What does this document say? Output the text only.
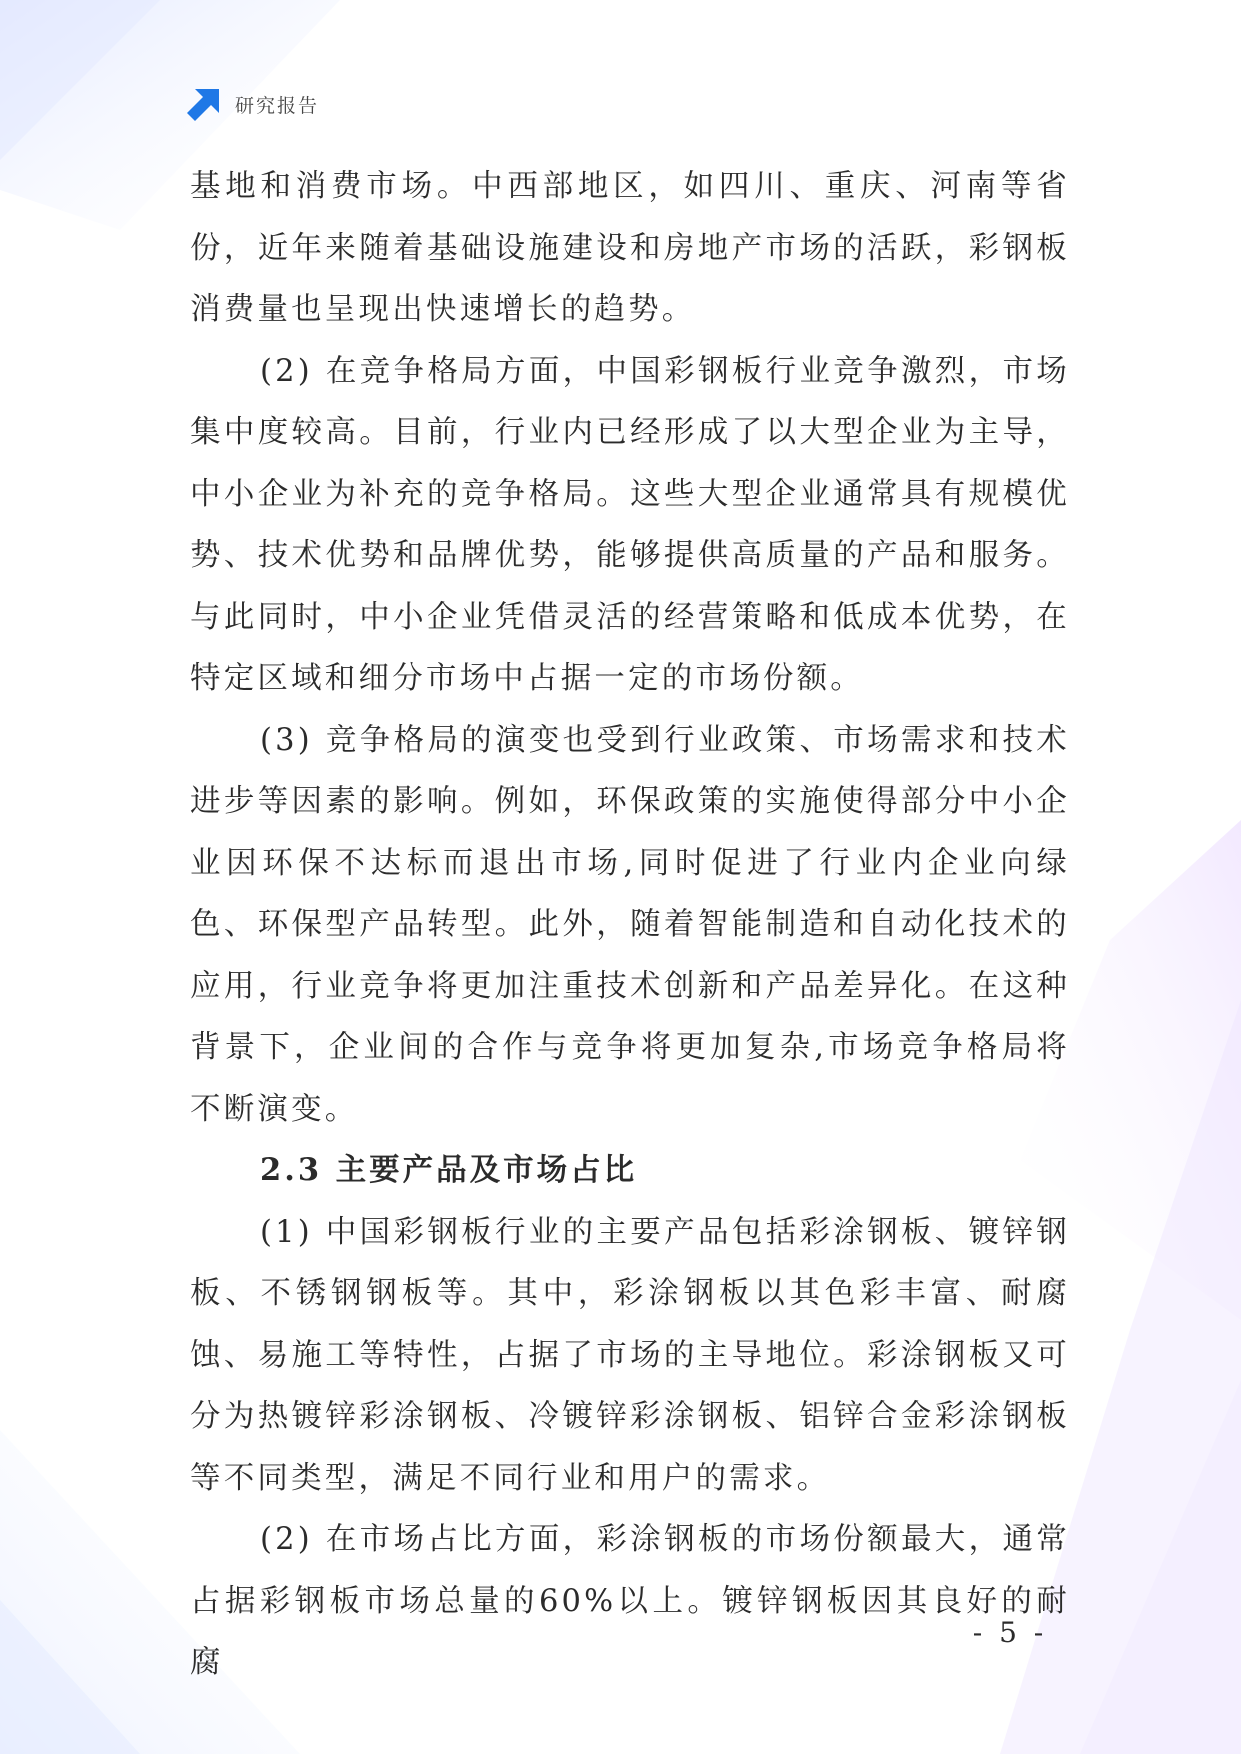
研究报告

基地和消费市场。中西部地区，如四川、重庆、河南等省份，近年来随着基础设施建设和房地产市场的活跃，彩钢板消费量也呈现出快速增长的趋势。

(2) 在竞争格局方面，中国彩钢板行业竞争激烈，市场集中度较高。目前，行业内已经形成了以大型企业为主导，中小企业为补充的竞争格局。这些大型企业通常具有规模优势、技术优势和品牌优势，能够提供高质量的产品和服务。与此同时，中小企业凭借灵活的经营策略和低成本优势，在特定区域和细分市场中占据一定的市场份额。

(3) 竞争格局的演变也受到行业政策、市场需求和技术进步等因素的影响。例如，环保政策的实施使得部分中小企业因环保不达标而退出市场,同时促进了行业内企业向绿色、环保型产品转型。此外，随着智能制造和自动化技术的应用，行业竞争将更加注重技术创新和产品差异化。在这种背景下，企业间的合作与竞争将更加复杂,市场竞争格局将不断演变。

2.3 主要产品及市场占比

(1) 中国彩钢板行业的主要产品包括彩涂钢板、镀锌钢板、不锈钢钢板等。其中，彩涂钢板以其色彩丰富、耐腐蚀、易施工等特性，占据了市场的主导地位。彩涂钢板又可分为热镀锌彩涂钢板、冷镀锌彩涂钢板、铝锌合金彩涂钢板等不同类型，满足不同行业和用户的需求。

(2) 在市场占比方面，彩涂钢板的市场份额最大，通常占据彩钢板市场总量的60%以上。镀锌钢板因其良好的耐腐

- 5 -
